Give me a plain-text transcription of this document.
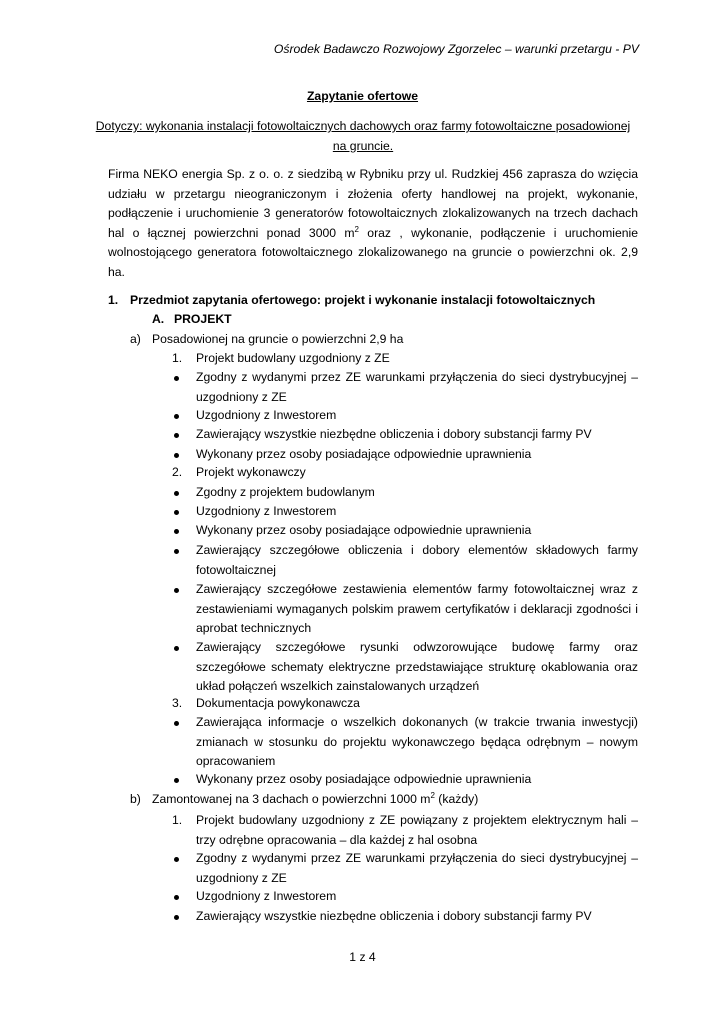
Ośrodek Badawczo Rozwojowy Zgorzelec – warunki przetargu - PV
Zapytanie ofertowe
Dotyczy: wykonania instalacji fotowoltaicznych dachowych oraz farmy fotowoltaiczne posadowionej na gruncie.
Firma NEKO energia Sp. z o. o. z siedzibą w Rybniku przy ul. Rudzkiej 456 zaprasza do wzięcia udziału w przetargu nieograniczonym i złożenia oferty handlowej na projekt, wykonanie, podłączenie i uruchomienie 3 generatorów fotowoltaicznych zlokalizowanych na trzech dachach hal o łącznej powierzchni ponad 3000 $m^2$ oraz , wykonanie, podłączenie i uruchomienie wolnostojącego generatora fotowoltaicznego zlokalizowanego na gruncie o powierzchni ok. 2,9 ha.
1. Przedmiot zapytania ofertowego: projekt i wykonanie instalacji fotowoltaicznych
A. PROJEKT
a) Posadowionej na gruncie o powierzchni 2,9 ha
1.	Projekt budowlany uzgodniony z ZE
Zgodny z wydanymi przez ZE warunkami przyłączenia do sieci dystrybucyjnej – uzgodniony z ZE
Uzgodniony z Inwestorem
Zawierający wszystkie niezbędne obliczenia i dobory substancji farmy PV
Wykonany przez osoby posiadające odpowiednie uprawnienia
2.	Projekt wykonawczy
Zgodny z projektem budowlanym
Uzgodniony z Inwestorem
Wykonany przez osoby posiadające odpowiednie uprawnienia
Zawierający szczegółowe obliczenia i dobory elementów składowych farmy fotowoltaicznej
Zawierający szczegółowe zestawienia elementów farmy fotowoltaicznej wraz z zestawieniami wymaganych polskim prawem certyfikatów i deklaracji zgodności i aprobat technicznych
Zawierający szczegółowe rysunki odwzorowujące budowę farmy oraz szczegółowe schematy elektryczne przedstawiające strukturę okablowania oraz układ połączeń wszelkich zainstalowanych urządzeń
3.	Dokumentacja powykonawcza
Zawierająca informacje o wszelkich dokonanych (w trakcie trwania inwestycji) zmianach w stosunku do projektu wykonawczego będąca odrębnym – nowym opracowaniem
Wykonany przez osoby posiadające odpowiednie uprawnienia
b) Zamontowanej na 3 dachach o powierzchni 1000 $m^2$ (każdy)
1.	Projekt budowlany uzgodniony z ZE powiązany z projektem elektrycznym hali – trzy odrębne opracowania – dla każdej z hal osobna
Zgodny z wydanymi przez ZE warunkami przyłączenia do sieci dystrybucyjnej – uzgodniony z ZE
Uzgodniony z Inwestorem
Zawierający wszystkie niezbędne obliczenia i dobory substancji farmy PV
1 z 4
